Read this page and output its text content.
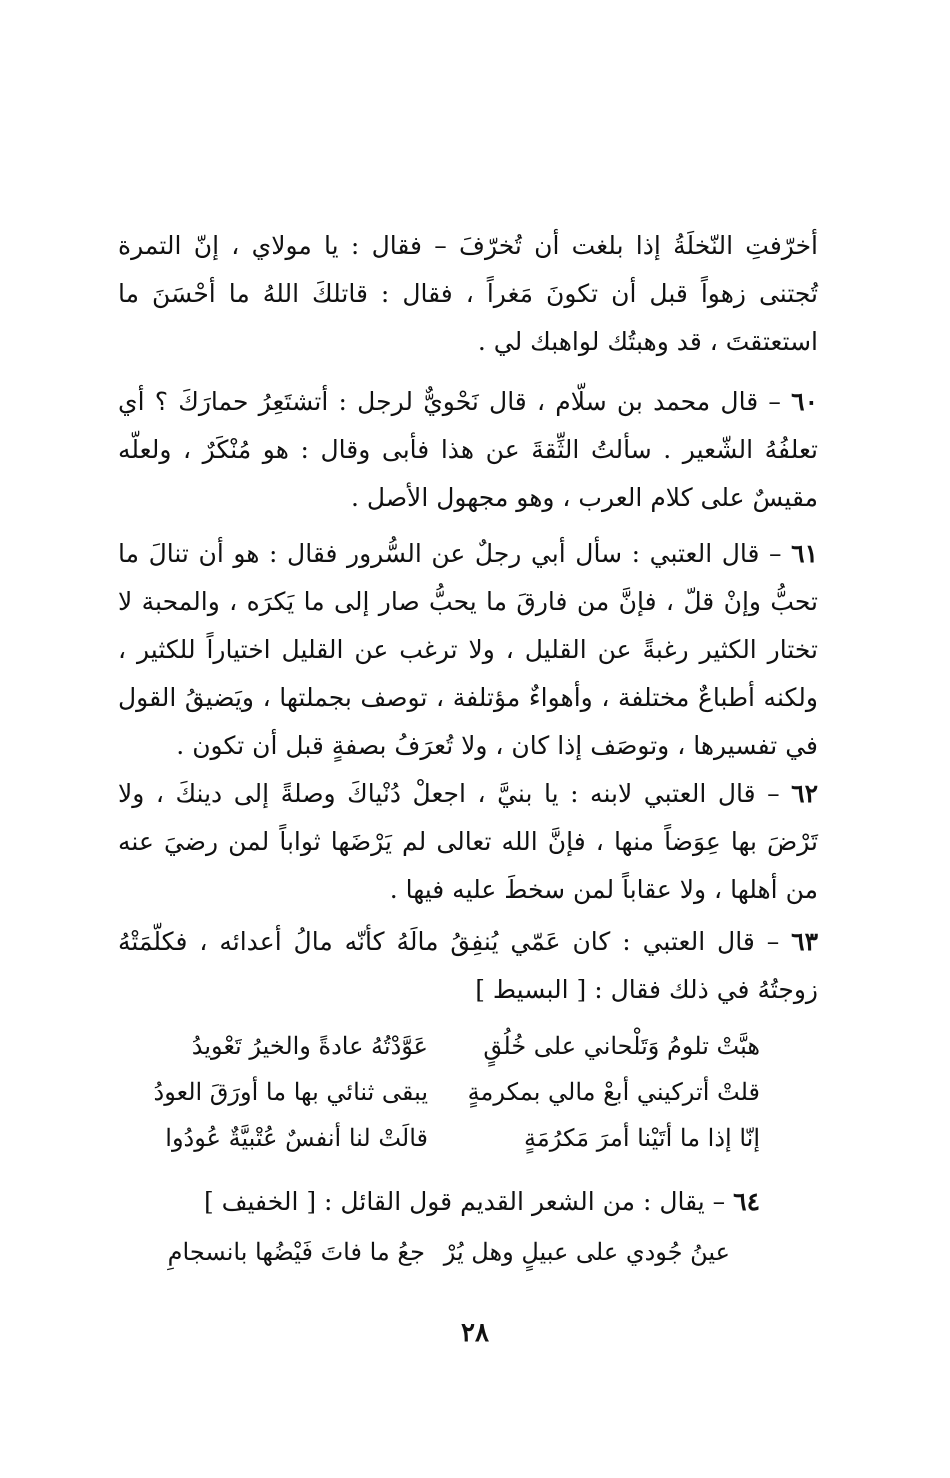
أخرّفتِ النّخلَةُ إذا بلغت أن تُخرّفَ – فقال : يا مولاي ، إنّ التمرة تُجتنى زهواً قبل أن تكونَ مَغراً ، فقال : قاتلكَ اللهُ ما أحْسَنَ ما استعتقتَ ، قد وهبتُك لواهبك لي .

٦٠ – قال محمد بن سلّام ، قال نَحْويٌّ لرجل : أتشتَعِرُ حمارَكَ ؟ أي تعلفُهُ الشّعير . سألتُ الثِّقةَ عن هذا فأبى وقال : هو مُنْكَرٌ ، ولعلّه مقيسٌ على كلام العرب ، وهو مجهول الأصل .

٦١ – قال العتبي : سأل أبي رجلٌ عن السُّرور فقال : هو أن تنالَ ما تحبُّ وإنْ قلّ ، فإنَّ من فارقَ ما يحبُّ صار إلى ما يَكرَه ، والمحبة لا تختار الكثير رغبةً عن القليل ، ولا ترغب عن القليل اختياراً للكثير ، ولكنه أطباعٌ مختلفة ، وأهواءٌ مؤتلفة ، توصف بجملتها ، ويَضيقُ القول في تفسيرها ، وتوصَف إذا كان ، ولا تُعرَفُ بصفةٍ قبل أن تكون .

٦٢ – قال العتبي لابنه : يا بنيَّ ، اجعلْ دُنْياكَ وصلةً إلى دينكَ ، ولا تَرْضَ بها عِوَضاً منها ، فإنَّ الله تعالى لم يَرْضَها ثواباً لمن رضيَ عنه من أهلها ، ولا عقاباً لمن سخطَ عليه فيها .

٦٣ – قال العتبي : كان عَمّي يُنفِقُ مالَهُ كأنّه مالُ أعدائه ، فكلّمَتْهُ زوجتُهُ في ذلك فقال : [ البسيط ]

هبَّتْ تلومُ وَتَلْحاني على خُلُقٍ
عَوَّدْتُهُ عادةً والخيرُ تَعْويدُ
قلتْ أتركيني أبعْ مالي بمكرمةٍ
يبقى ثنائي بها ما أورَقَ العودُ
إنّا إذا ما أتَيْنا أمرَ مَكرُمَةٍ
قالَتْ لنا أنفسٌ عُتْبيَّةٌ عُودُوا

٦٤ – يقال : من الشعر القديم قول القائل : [ الخفيف ]

عينُ جُودي على عبيلٍ وهل يُرْ
جعُ ما فاتَ فَيْضُها بانسجامِ
٢٨
